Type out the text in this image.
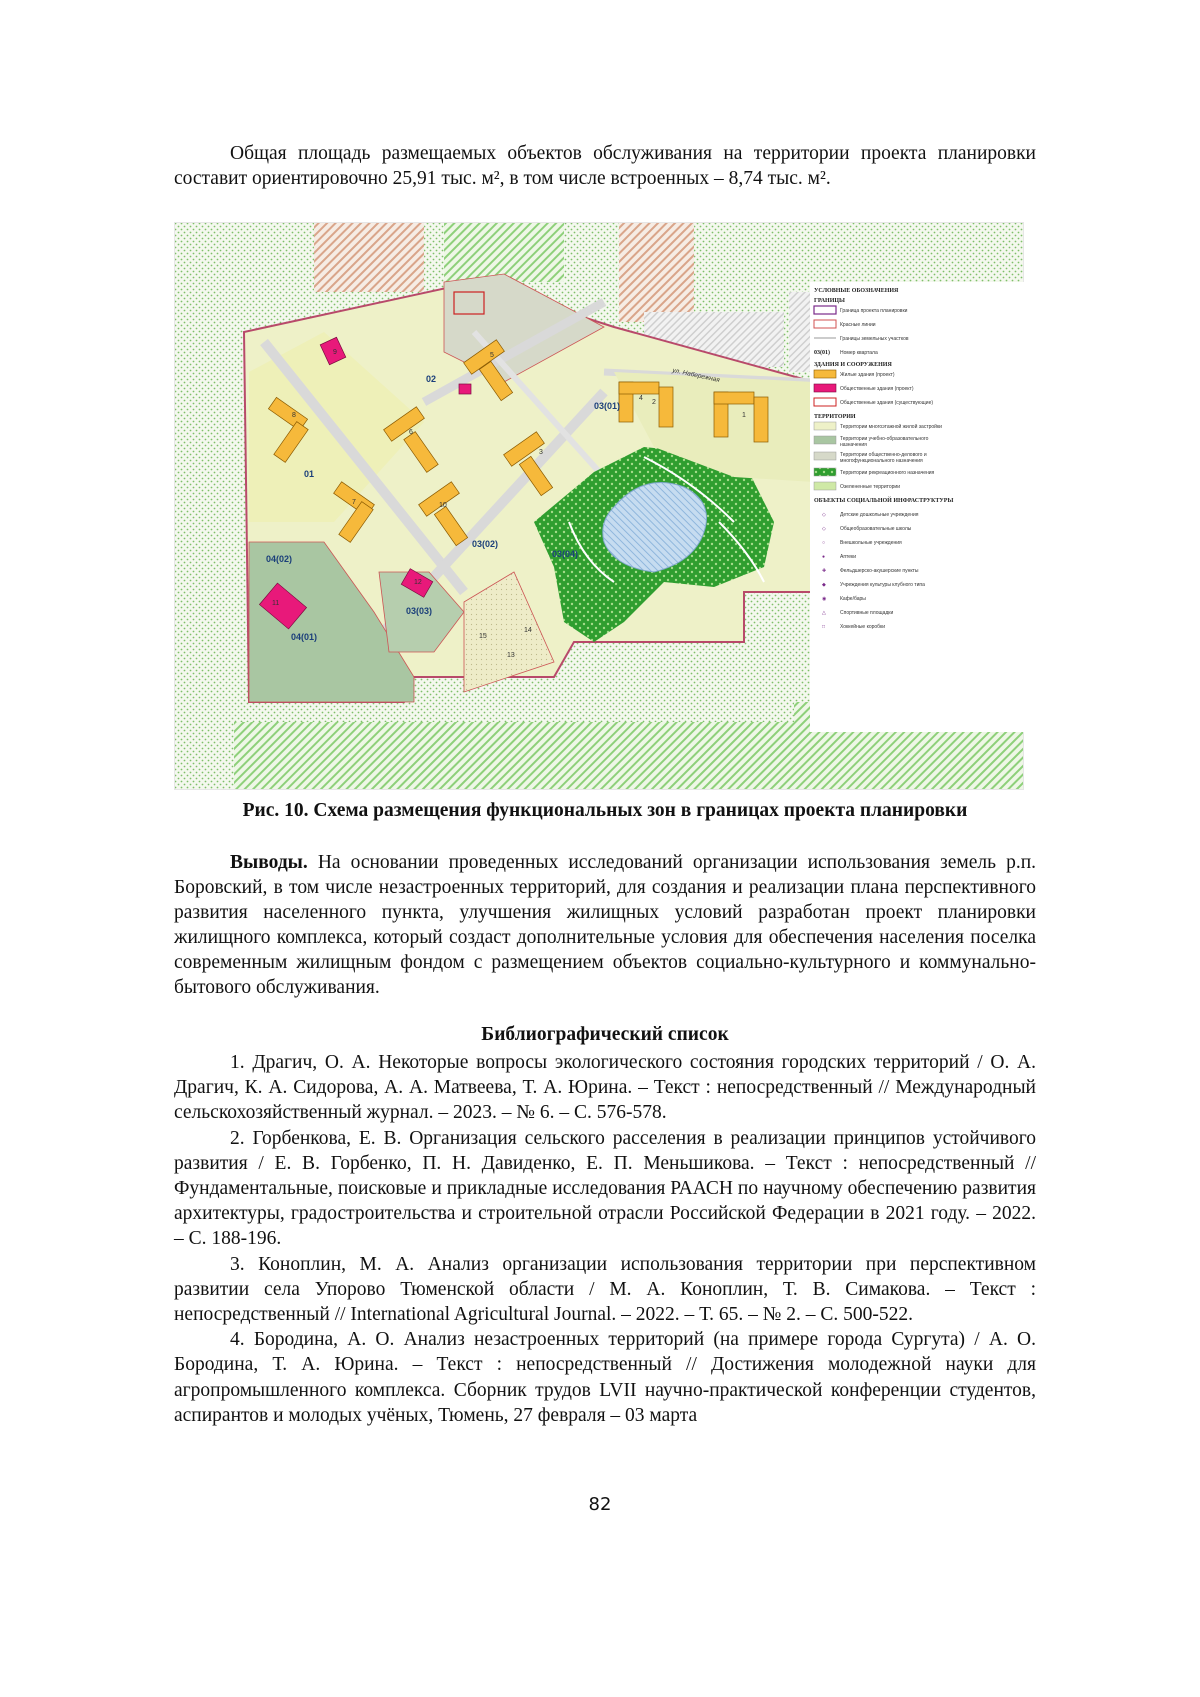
Общая площадь размещаемых объектов обслуживания на территории проекта планировки составит ориентировочно 25,91 тыс. м², в том числе встроенных – 8,74 тыс. м².

01
02
03(01)
03(02)
03(03)
03(04)
04(01)
04(02)
1
2
3
4
5
6
7
8
9
10
11
12
13
14
15
ул. Набережная
УСЛОВНЫЕ ОБОЗНАЧЕНИЯ
ГРАНИЦЫ
Граница проекта планировки
Красные линии
Границы земельных участков
03(01) Номер квартала
ЗДАНИЯ И СООРУЖЕНИЯ
Жилые здания (проект)
Общественные здания (проект)
Общественные здания (существующие)
ТЕРРИТОРИИ
Территории многоэтажной жилой застройки
Территории учебно-образовательного
назначения
Территории общественно-делового и
многофункционального назначения
Территории рекреационного назначения
Озелененные территории
ОБЪЕКТЫ СОЦИАЛЬНОЙ ИНФРАСТРУКТУРЫ
◇	Детские дошкольные учреждения
◇	Общеобразовательные школы
○	Внешкольные учреждения
●	Аптеки
✚	Фельдшерско-акушерские пункты
◆	Учреждения культуры клубного типа
◉	Кафе/бары
△	Спортивные площадки
□	Хоккейные коробки

Рис. 10. Схема размещения функциональных зон в границах проекта планировки

Выводы. На основании проведенных исследований организации использования земель р.п. Боровский, в том числе незастроенных территорий, для создания и реализации плана перспективного развития населенного пункта, улучшения жилищных условий разработан проект планировки жилищного комплекса, который создаст дополнительные условия для обеспечения населения поселка современным жилищным фондом с размещением объектов социально-культурного и коммунально-бытового обслуживания.

Библиографический список

1. Драгич, О. А. Некоторые вопросы экологического состояния городских территорий / О. А. Драгич, К. А. Сидорова, А. А. Матвеева, Т. А. Юрина. – Текст : непосредственный // Международный сельскохозяйственный журнал. – 2023. – № 6. – С. 576-578.
2. Горбенкова, Е. В. Организация сельского расселения в реализации принципов устойчивого развития / Е. В. Горбенко, П. Н. Давиденко, Е. П. Меньшикова. – Текст : непосредственный // Фундаментальные, поисковые и прикладные исследования РААСН по научному обеспечению развития архитектуры, градостроительства и строительной отрасли Российской Федерации в 2021 году. – 2022. – С. 188-196.
3. Коноплин, М. А. Анализ организации использования территории при перспективном развитии села Упорово Тюменской области / М. А. Коноплин, Т. В. Симакова. – Текст : непосредственный // International Agricultural Journal. – 2022. – Т. 65. – № 2. – С. 500-522.
4. Бородина, А. О. Анализ незастроенных территорий (на примере города Сургута) / А. О. Бородина, Т. А. Юрина. – Текст : непосредственный // Достижения молодежной науки для агропромышленного комплекса. Сборник трудов LVII научно-практической конференции студентов, аспирантов и молодых учёных, Тюмень, 27 февраля – 03 марта
82
